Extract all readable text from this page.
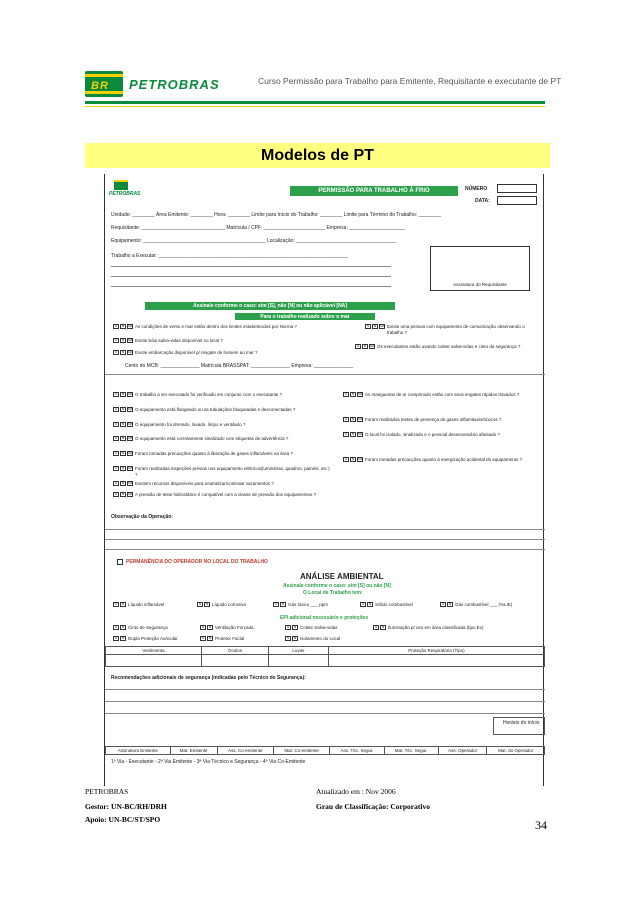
BR PETROBRAS	Curso Permissão para Trabalho para Emitente, Requisitante e executante de PT
Modelos de PT
PETROBRAS	PERMISSÃO PARA TRABALHO À FRIO	NÚMERO
DATA:
Unidade: ________ Área Emitente: ________ Hora: ________ Limite para Início do Trabalho: ________ Limite para Término do Trabalho: ________
Requisitante: ______________________________ Matrícula / CPF: ______________________ Empresa: ____________________
Equipamento: ____________________________________________ Localização: ____________________________________
Trabalho a Executar: ____________________________________________________________________
Assinatura do Requisitante
Assinale conforme o caso: sim [S], não [N] ou não aplicável [NA]
Para o trabalho realizado sobre o mar
S	N	NA As condições de vento e mar estão dentro dos limites estabelecidos por Norma ?
S	N	NA Existe bóia salva-vidas disponível no local ?
S	N	NA Existe embarcação disponível p/ resgate de homem ao mar ?
S	N	NA Existe uma pessoa com equipamento de comunicação observando o trabalho ?
S	N	NA Os executantes estão usando colete salva-vidas e cinto de segurança ?
Cento do MCB: ______________ Matrícula BRASSPAT: ______________ Empresa: ______________
S	N	NA O trabalho a ser executado foi verificado em conjunto com o executante ?
S	N	NA O equipamento está flangeado ou as tubulações bloqueadas e desconectadas ?
S	N	NA O equipamento foi drenado, lavado, limpo e ventilado ?
S	N	NA O equipamento está corretamente sinalizado com etiquetas de advertência ?
S	N	NA Foram tomadas precauções quanto à liberação de gases inflamáveis na área ?
S	N	NA Foram realizadas inspeções prévias nos equipamento elétricos(luminárias, quadros, painéis, etc.) ?
S	N	NA Existem recursos disponíveis para neutralizar/controlar vazamentos ?
S	N	NA A pressão de teste hidrostático é compatível com a classe de pressão dos equipamentos ?
S	N	NA As mangueiras de ar comprimido estão com seus engates rápidos travados ?
S	N	NA Foram realizados testes de presença de gases inflamáveis/tóxicos ?
S	N	NA O local foi isolado, sinalizado e o pessoal desnecessário afastado ?
S	N	NA Foram tomadas precauções quanto à energização acidental do equipamento ?
Observação da Operação:
PERMANÊNCIA DO OPERADOR NO LOCAL DO TRABALHO
ANÁLISE AMBIENTAL
Assinale conforme o caso: sim [S] ou não [N]
O Local de Trabalho tem:
S	N Líquido inflamável	S	N Líquido corrosivo	S	N Gás tóxico ___ ppm	S	N Sólido combustível	S	N Gás combustível ___ (%LIE)
EPI adicional necessário e proteções
S	N Cinto de Segurança	S	N Ventilação Forçada	S	N Colete Salva-vidas	S	N Iluminação p/ uso em área classificada (tipo Ex)
S	N Dupla Proteção Auricular	S	N Protetor Facial	S	N Isolamento do Local
Vestimenta	Óculos	Luvas	Proteção Respiratória (Tipo)

Recomendações adicionais de segurança (indicadas pelo Técnico de Segurança):
Horário do início
Assinatura Emitente	Mat. Emitente	Ass. Co-emitente	Mat. Co-emitente	Ass. Téc. Segur.	Mat. Téc. Segur.	Ass. Operador	Mat. do Operador
1ª Via - Executante - 2ª Via Emitente - 3ª Via Técnico e Segurança - 4ª Via Co-Emitente
PETROBRAS	Atualizado em : Nov 2006
Gestor: UN-BC/RH/DRH	Grau de Classificação: Corporativo
Apoio: UN-BC/ST/SPO	34
